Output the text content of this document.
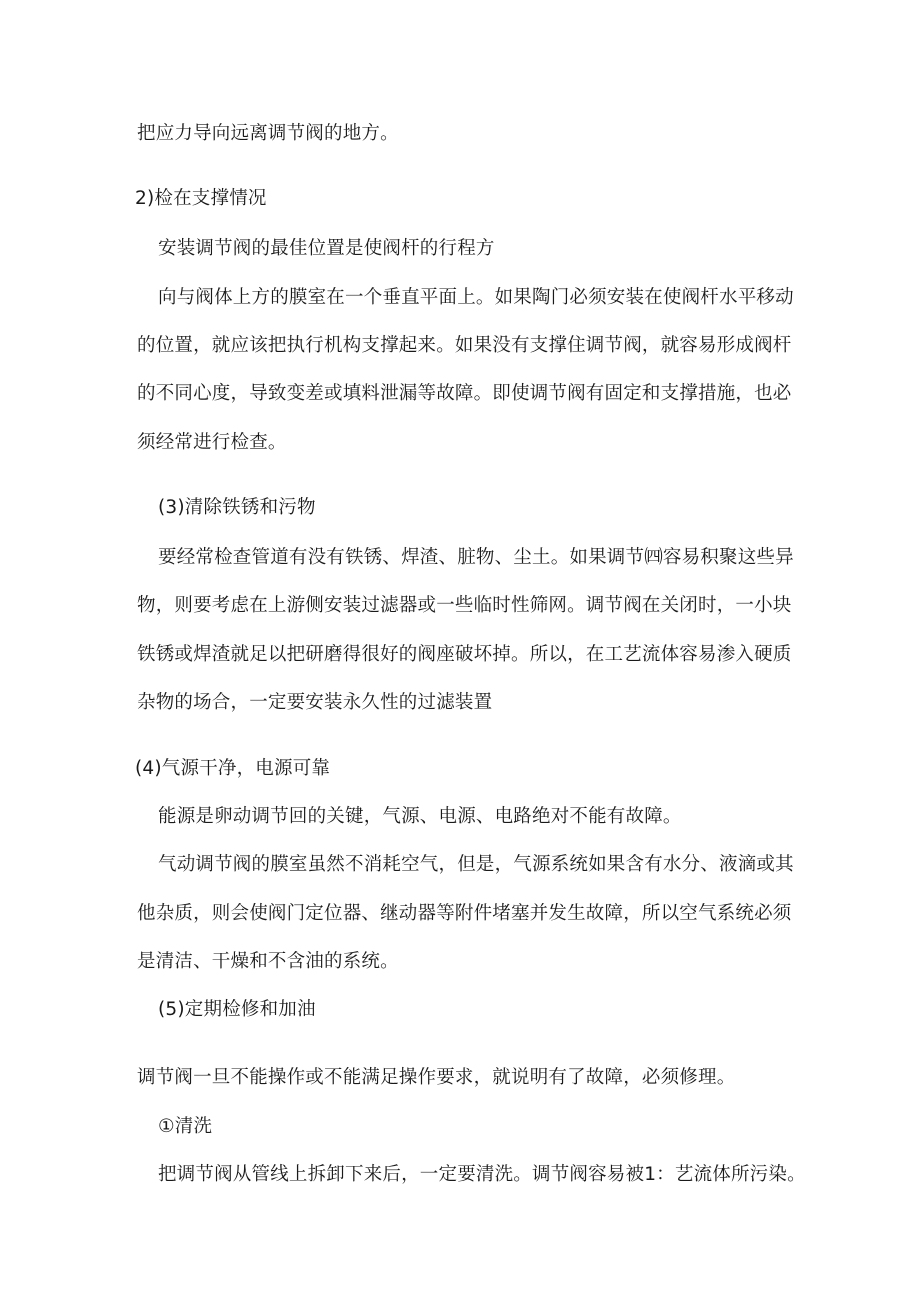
把应力导向远离调节阀的地方。
2)检在支撑情况
安装调节阀的最佳位置是使阀杆的行程方
向与阀体上方的膜室在一个垂直平面上。如果陶门必须安装在使阀杆水平移动
的位置，就应该把执行机构支撑起来。如果没有支撑住调节阀，就容易形成阀杆
的不同心度，导致变差或填料泄漏等故障。即使调节阀有固定和支撑措施，也必
须经常进行检查。
(3)清除铁锈和污物
要经常检查管道有没有铁锈、焊渣、脏物、尘土。如果调节㈣容易积聚这些异
物，则要考虑在上游侧安装过滤器或一些临时性筛网。调节阀在关闭时，一小块
铁锈或焊渣就足以把研磨得很好的阀座破坏掉。所以，在工艺流体容易渗入硬质
杂物的场合，一定要安装永久性的过滤装置
(4)气源干净，电源可靠
能源是卵动调节回的关键，气源、电源、电路绝对不能有故障。
气动调节阀的膜室虽然不消耗空气，但是，气源系统如果含有水分、液滴或其
他杂质，则会使阀门定位器、继动器等附件堵塞并发生故障，所以空气系统必须
是清洁、干燥和不含油的系统。
(5)定期检修和加油
调节阀一旦不能操作或不能满足操作要求，就说明有了故障，必须修理。
①清洗
把调节阀从管线上拆卸下来后，一定要清洗。调节阀容易被1：艺流体所污染。
